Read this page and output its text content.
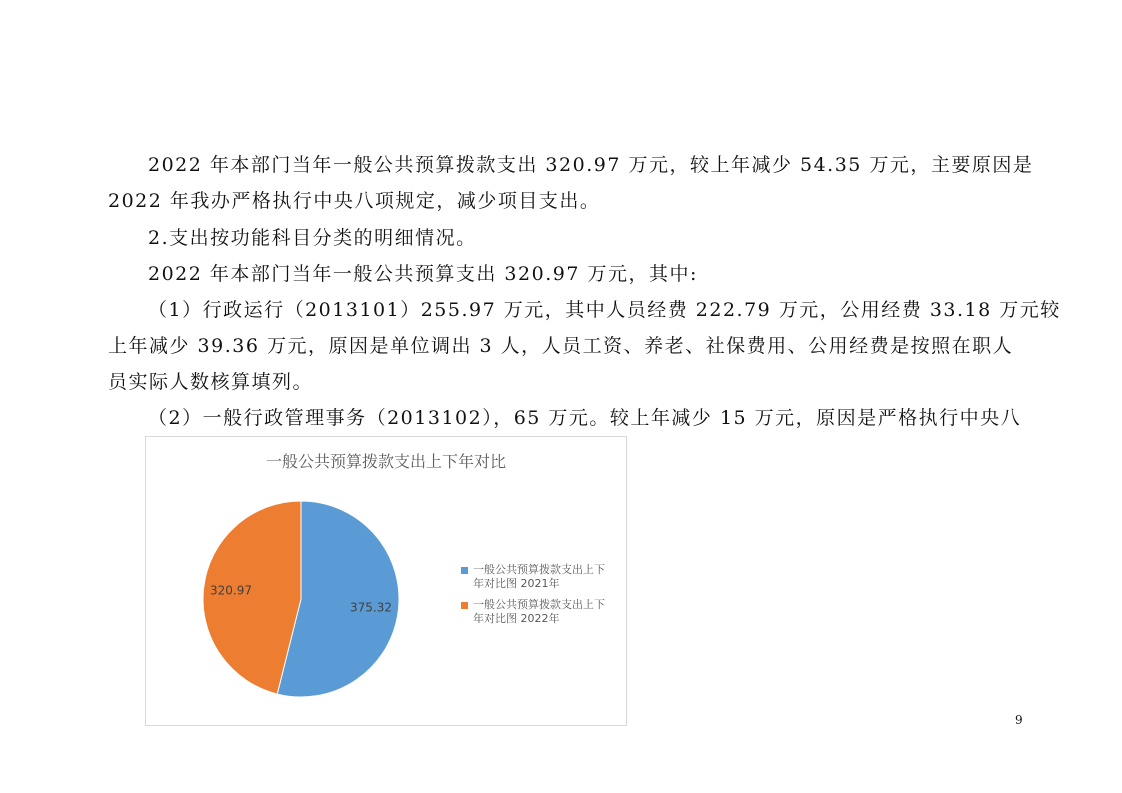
2022 年本部门当年一般公共预算拨款支出 320.97 万元，较上年减少 54.35 万元，主要原因是
2022 年我办严格执行中央八项规定，减少项目支出。
2.支出按功能科目分类的明细情况。
2022 年本部门当年一般公共预算支出 320.97 万元，其中:
（1）行政运行（2013101）255.97 万元，其中人员经费 222.79 万元，公用经费 33.18 万元较
上年减少 39.36 万元，原因是单位调出 3 人，人员工资、养老、社保费用、公用经费是按照在职人
员实际人数核算填列。
（2）一般行政管理事务（2013102），65 万元。较上年减少 15 万元，原因是严格执行中央八
一般公共预算拨款支出上下年对比
375.32
320.97
一般公共预算拨款支出上下
年对比图 2021年
一般公共预算拨款支出上下
年对比图 2022年
9
